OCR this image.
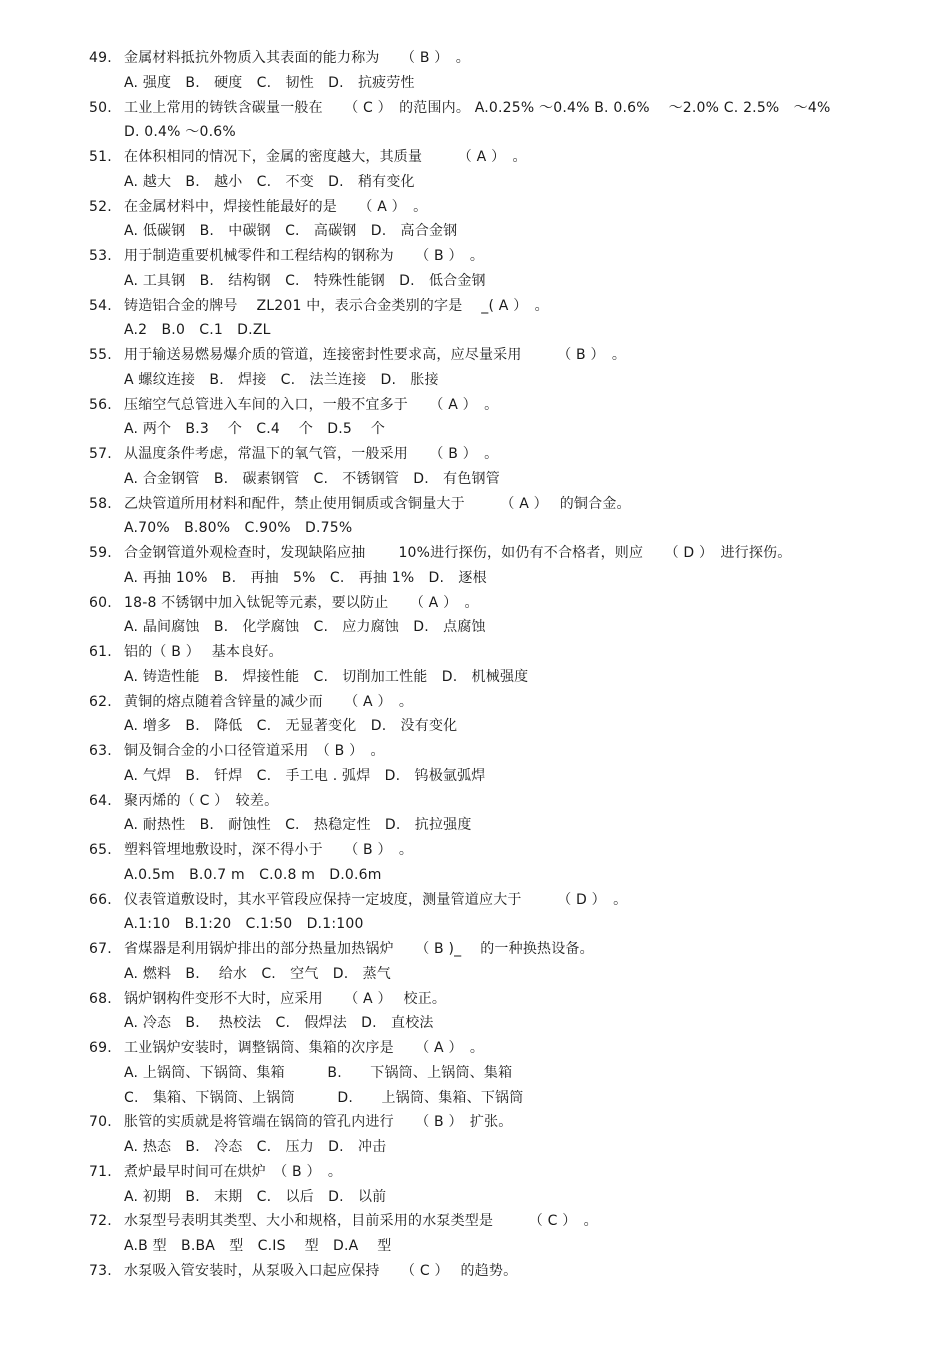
49. 金属材料抵抗外物质入其表面的能力称为　　（ B ）　。
A. 强度　B.　硬度　C.　韧性　D.　抗疲劳性
50. 工业上常用的铸铁含碳量一般在　　（ C ）　的范围内。 A.0.25% ～0.4% B. 0.6%　 ～2.0% C. 2.5%　～4%
D. 0.4% ～0.6%
51. 在体积相同的情况下，金属的密度越大，其质量　　　（ A ）　。
A. 越大　B.　越小　C.　不变　D.　稍有变化
52. 在金属材料中，焊接性能最好的是　　（ A ）　。
A. 低碳钢　B.　中碳钢　C.　高碳钢　D.　高合金钢
53. 用于制造重要机械零件和工程结构的钢称为　　（ B ）　。
A. 工具钢　B.　结构钢　C.　特殊性能钢　D.　低合金钢
54. 铸造铝合金的牌号　 ZL201 中，表示合金类别的字是　 _( A ）　。
A.2　B.0　C.1　D.ZL
55. 用于输送易燃易爆介质的管道，连接密封性要求高，应尽量采用　　　（ B ）　。
A 螺纹连接　B.　焊接　C.　法兰连接　D.　胀接
56. 压缩空气总管进入车间的入口，一般不宜多于　　（ A ）　。
A. 两个　B.3　 个　C.4　 个　D.5　 个
57. 从温度条件考虑，常温下的氧气管，一般采用　　（ B ）　。
A. 合金钢管　B.　碳素钢管　C.　不锈钢管　D.　有色钢管
58. 乙炔管道所用材料和配件，禁止使用铜质或含铜量大于　　　（ A ）　 的铜合金。
A.70%　B.80%　C.90%　D.75%
59. 合金钢管道外观检查时，发现缺陷应抽　　 10%进行探伤，如仍有不合格者，则应　　（ D ）　进行探伤。
A. 再抽 10%　B.　再抽　5%　C.　再抽 1%　D.　逐根
60. 18-8 不锈钢中加入钛铌等元素，要以防止　　（ A ）　。
A. 晶间腐蚀　B.　化学腐蚀　C.　应力腐蚀　D.　点腐蚀
61. 铝的（ B ）　 基本良好。
A. 铸造性能　B.　焊接性能　C.　切削加工性能　D.　机械强度
62. 黄铜的熔点随着含锌量的减少而　　（ A ）　。
A. 增多　B.　降低　C.　无显著变化　D.　没有变化
63. 铜及铜合金的小口径管道采用　（ B ）　。
A. 气焊　B.　钎焊　C.　手工电 . 弧焊　D.　钨极氩弧焊
64. 聚丙烯的（ C ）　较差。
A. 耐热性　B.　耐蚀性　C.　热稳定性　D.　抗拉强度
65. 塑料管埋地敷设时，深不得小于　　（ B ）　。
A.0.5m　B.0.7 m　C.0.8 m　D.0.6m
66. 仪表管道敷设时，其水平管段应保持一定坡度，测量管道应大于　　　（ D ）　。
A.1:10　B.1:20　C.1:50　D.1:100
67. 省煤器是利用锅炉排出的部分热量加热锅炉　　（ B )_　 的一种换热设备。
A. 燃料　B.　 给水　C.　空气　D.　蒸气
68. 锅炉钢构件变形不大时，应采用　　（ A ）　 校正。
A. 冷态　B.　 热校法　C.　假焊法　D.　直校法
69. 工业锅炉安装时，调整锅筒、集箱的次序是　　（ A ）　。
A. 上锅筒、下锅筒、集箱　　　B.　　下锅筒、上锅筒、集箱
C.　集箱、下锅筒、上锅筒　　　D.　　上锅筒、集箱、下锅筒
70. 胀管的实质就是将管端在锅筒的管孔内进行　　（ B ）　扩张。
A. 热态　B.　冷态　C.　压力　D.　冲击
71. 煮炉最早时间可在烘炉　（ B ）　。
A. 初期　B.　末期　C.　以后　D.　以前
72. 水泵型号表明其类型、大小和规格，目前采用的水泵类型是　　　（ C ）　。
A.B 型　B.BA　型　C.IS　 型　D.A　 型
73. 水泵吸入管安装时，从泵吸入口起应保持　　（ C ）　 的趋势。
